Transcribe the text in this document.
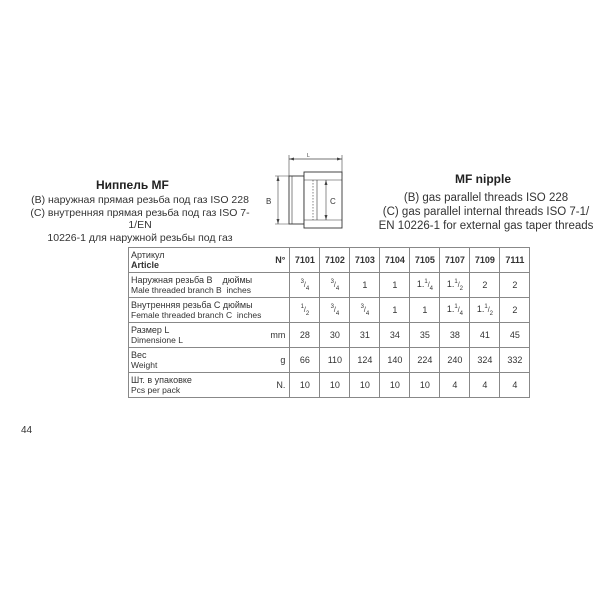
Ниппель MF
(B) наружная прямая резьба под газ ISO 228
(C) внутренняя прямая резьба под газ ISO 7-1/EN
10226-1 для наружной резьбы под газ
L
B	C
MF nipple
(B) gas parallel threads ISO 228
(C) gas parallel internal threads ISO 7-1/
EN 10226-1 for external gas taper threads
Артикул
Article	N°	7101	7102	7103	7104	7105	7107	7109	7111

Наружная резьба B    дюймы
Male threaded branch B  inches		$^3/_4$	$^3/_4$	1	1	$1.^1/_4$	$1.^1/_2$	2	2

Внутренняя резьба C дюймы
Female threaded branch C  inches		$^1/_2$	$^3/_4$	$^3/_4$	1	1	$1.^1/_4$	$1.^1/_2$	2

Размер L
Dimensione L	mm	28	30	31	34	35	38	41	45

Вес
Weight	g	66	110	124	140	224	240	324	332

Шт. в упаковке
Pcs per pack	N.	10	10	10	10	10	4	4	4
44
